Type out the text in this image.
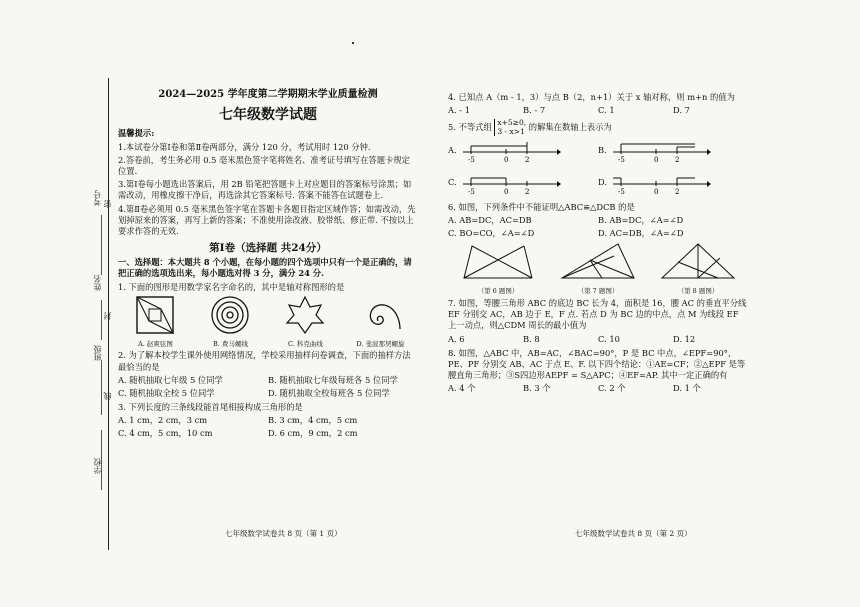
考号
姓名
班级
学校
密
封
线
2024—2025 学年度第二学期期末学业质量检测
七年级数学试题

温馨提示:

1.本试卷分第Ⅰ卷和第Ⅱ卷两部分，满分 120 分，考试用时 120 分钟.

2.答卷前，考生务必用 0.5 毫米黑色签字笔将姓名、准考证号填写在答题卡规定位置.

3.第Ⅰ卷每小题选出答案后，用 2B 铅笔把答题卡上对应题目的答案标号涂黑；如需改动，用橡皮擦干净后，再选涂其它答案标号. 答案不能答在试题卷上.

4.第Ⅱ卷必须用 0.5 毫米黑色签字笔在答题卡各题目指定区域作答；如需改动，先划掉原来的答案，再写上新的答案；不准使用涂改液、胶带纸、修正带. 不按以上要求作答的无效.

第Ⅰ卷（选择题 共24分）

一、选择题：本大题共 8 个小题，在每小题的四个选项中只有一个是正确的，请把正确的选项选出来，每小题选对得 3 分，满分 24 分.

1. 下面的图形是用数学家名字命名的，其中是轴对称图形的是

A. 赵爽弦图	B. 费马螺线	C. 科克曲线	D. 斐波那契螺旋

2. 为了解本校学生课外使用网络情况，学校采用抽样问卷调查，下面的抽样方法最恰当的是

A. 随机抽取七年级 5 位同学	B. 随机抽取七年级每班各 5 位同学
C. 随机抽取全校 5 位同学	D. 随机抽取全校每班各 5 位同学

3. 下列长度的三条线段能首尾相接构成三角形的是

A. 1 cm，2 cm，3 cm	B. 3 cm，4 cm，5 cm
C. 4 cm，5 cm，10 cm	D. 6 cm，9 cm，2 cm
七年级数学试卷共 8 页（第 1 页）

4. 已知点 A（m - 1，3）与点 B（2，n+1）关于 x 轴对称，则 m+n 的值为

A. - 1	B. - 7	C. 1	D. 7

5. 不等式组 x+5≥0,
3 - x>1 的解集在数轴上表示为

A.
-5	0 2
B.
-5	0 2
C.
-5	0 2
D.
-5	0 2

6. 如图，下列条件中不能证明△ABC≌△DCB 的是

A. AB=DC，AC=DB	B. AB=DC，∠A=∠D
C. BO=CO，∠A=∠D	D. AC=DB，∠A=∠D
（第 6 题图）	（第 7 题图）	（第 8 题图）

7. 如图，等腰三角形 ABC 的底边 BC 长为 4，面积是 16，腰 AC 的垂直平分线 EF 分别交 AC，AB 边于 E，F 点. 若点 D 为 BC 边的中点，点 M 为线段 EF 上一动点，则△CDM 周长的最小值为

A. 6	B. 8	C. 10	D. 12

8. 如图，△ABC 中，AB=AC，∠BAC=90°，P 是 BC 中点，∠EPF=90°，PE、PF 分别交 AB、AC 于点 E、F. 以下四个结论：①AE=CF；②△EPF 是等腰直角三角形；③S四边形AEPF = S△APC；④EF=AP. 其中一定正确的有

A. 4 个	B. 3 个	C. 2 个	D. 1 个
七年级数学试卷共 8 页（第 2 页）
